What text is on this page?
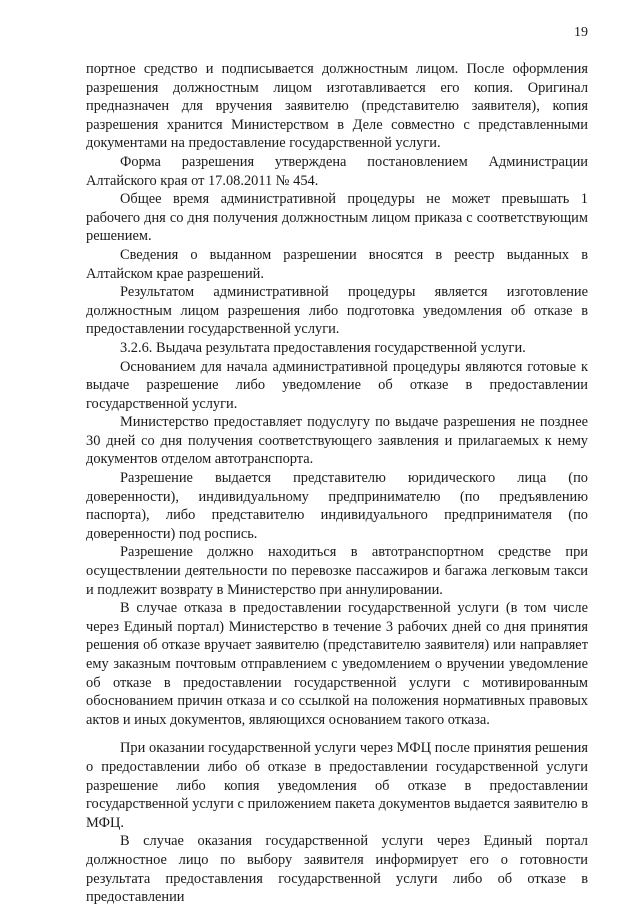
19

портное средство и подписывается должностным лицом. После оформления разрешения должностным лицом изготавливается его копия. Оригинал предназначен для вручения заявителю (представителю заявителя), копия разрешения хранится Министерством в Деле совместно с представленными документами на предоставление государственной услуги.

Форма разрешения утверждена постановлением Администрации Алтайского края от 17.08.2011 № 454.

Общее время административной процедуры не может превышать 1 рабочего дня со дня получения должностным лицом приказа с соответствующим решением.

Сведения о выданном разрешении вносятся в реестр выданных в Алтайском крае разрешений.

Результатом административной процедуры является изготовление должностным лицом разрешения либо подготовка уведомления об отказе в предоставлении государственной услуги.

3.2.6. Выдача результата предоставления государственной услуги.

Основанием для начала административной процедуры являются готовые к выдаче разрешение либо уведомление об отказе в предоставлении государственной услуги.

Министерство предоставляет подуслугу по выдаче разрешения не позднее 30 дней со дня получения соответствующего заявления и прилагаемых к нему документов отделом автотранспорта.

Разрешение выдается представителю юридического лица (по доверенности), индивидуальному предпринимателю (по предъявлению паспорта), либо представителю индивидуального предпринимателя (по доверенности) под роспись.

Разрешение должно находиться в автотранспортном средстве при осуществлении деятельности по перевозке пассажиров и багажа легковым такси и подлежит возврату в Министерство при аннулировании.

В случае отказа в предоставлении государственной услуги (в том числе через Единый портал) Министерство в течение 3 рабочих дней со дня принятия решения об отказе вручает заявителю (представителю заявителя) или направляет ему заказным почтовым отправлением с уведомлением о вручении уведомление об отказе в предоставлении государственной услуги с мотивированным обоснованием причин отказа и со ссылкой на положения нормативных правовых актов и иных документов, являющихся основанием такого отказа.

При оказании государственной услуги через МФЦ после принятия решения о предоставлении либо об отказе в предоставлении государственной услуги разрешение либо копия уведомления об отказе в предоставлении государственной услуги с приложением пакета документов выдается заявителю в МФЦ.

В случае оказания государственной услуги через Единый портал должностное лицо по выбору заявителя информирует его о готовности результата предоставления государственной услуги либо об отказе в предоставлении
